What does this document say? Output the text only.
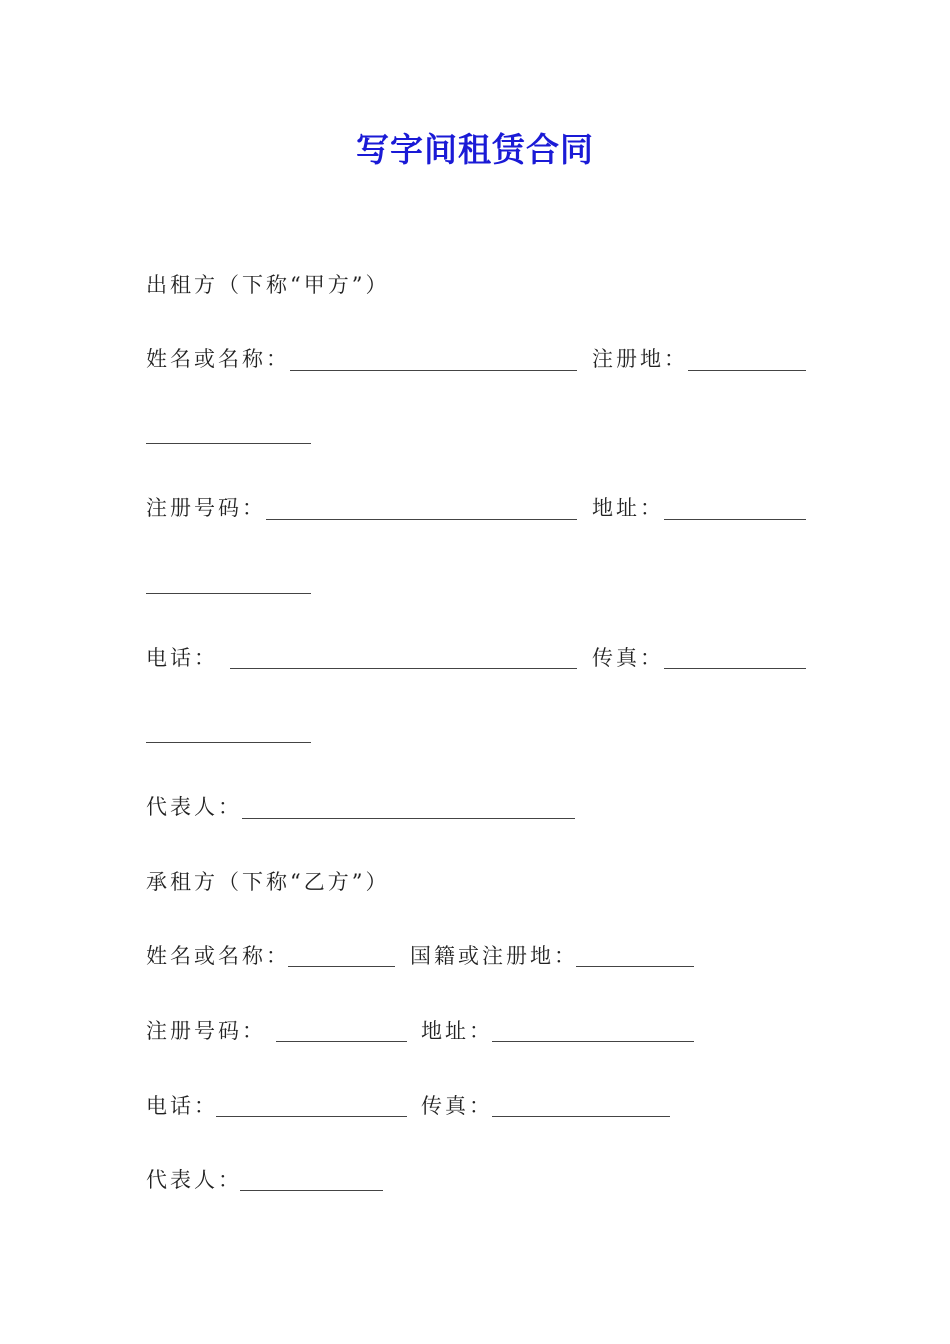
写字间租赁合同
出租方（下称“甲方”）
姓名或名称：	注册地：
注册号码：	地址：
电话：	传真：
代表人：
承租方（下称“乙方”）
姓名或名称：	国籍或注册地：
注册号码：	地址：
电话：	传真：
代表人：
